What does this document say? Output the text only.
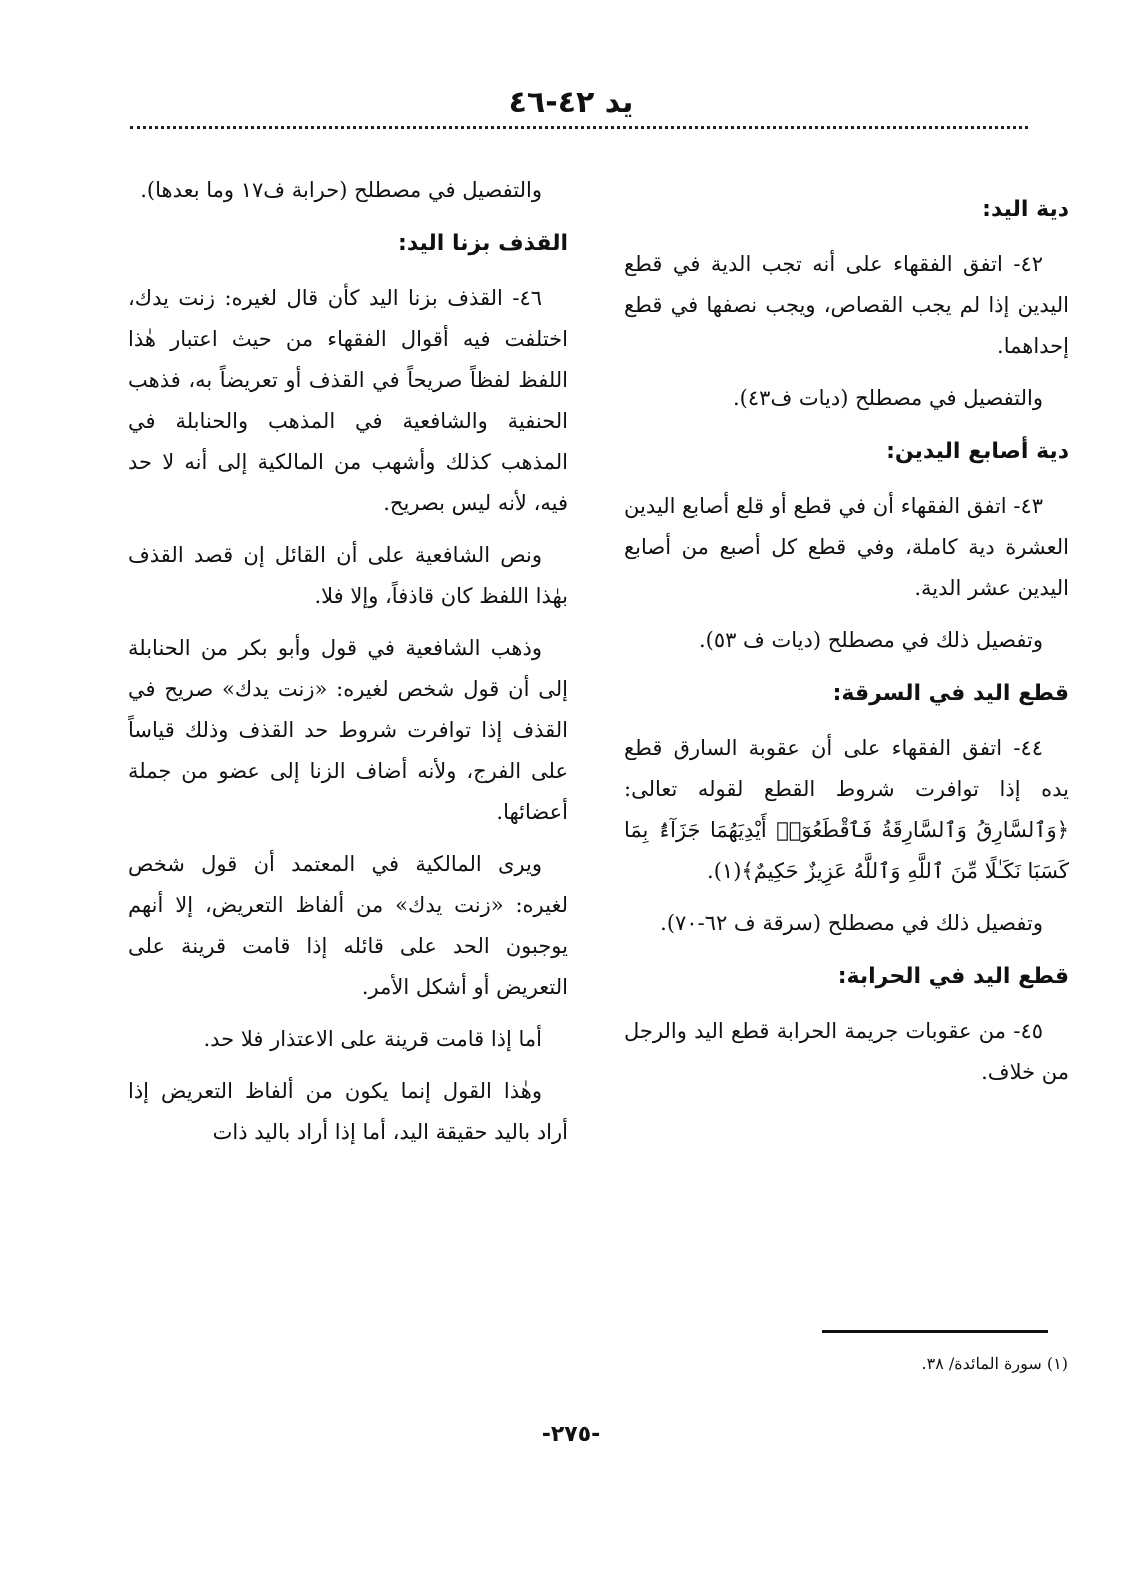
يد ٤٢-٤٦
دية اليد:

٤٢- اتفق الفقهاء على أنه تجب الدية في قطع اليدين إذا لم يجب القصاص، ويجب نصفها في قطع إحداهما.

والتفصيل في مصطلح (ديات ف٤٣).

دية أصابع اليدين:

٤٣- اتفق الفقهاء أن في قطع أو قلع أصابع اليدين العشرة دية كاملة، وفي قطع كل أصبع من أصابع اليدين عشر الدية.

وتفصيل ذلك في مصطلح (ديات ف ٥٣).

قطع اليد في السرقة:

٤٤- اتفق الفقهاء على أن عقوبة السارق قطع يده إذا توافرت شروط القطع لقوله تعالى: ﴿وَٱلسَّارِقُ وَٱلسَّارِقَةُ فَٱقْطَعُوٓا۟ أَيْدِيَهُمَا جَزَآءًۢ بِمَا كَسَبَا نَكَـٰلًا مِّنَ ٱللَّهِ وَٱللَّهُ عَزِيزٌ حَكِيمٌ﴾(١).

وتفصيل ذلك في مصطلح (سرقة ف ٦٢-٧٠).

قطع اليد في الحرابة:

٤٥- من عقوبات جريمة الحرابة قطع اليد والرجل من خلاف.

والتفصيل في مصطلح (حرابة ف١٧ وما بعدها).

القذف بزنا اليد:

٤٦- القذف بزنا اليد كأن قال لغيره: زنت يدك، اختلفت فيه أقوال الفقهاء من حيث اعتبار هٰذا اللفظ لفظاً صريحاً في القذف أو تعريضاً به، فذهب الحنفية والشافعية في المذهب والحنابلة في المذهب كذلك وأشهب من المالكية إلى أنه لا حد فيه، لأنه ليس بصريح.

ونص الشافعية على أن القائل إن قصد القذف بهٰذا اللفظ كان قاذفاً، وإلا فلا.

وذهب الشافعية في قول وأبو بكر من الحنابلة إلى أن قول شخص لغيره: «زنت يدك» صريح في القذف إذا توافرت شروط حد القذف وذلك قياساً على الفرج، ولأنه أضاف الزنا إلى عضو من جملة أعضائها.

ويرى المالكية في المعتمد أن قول شخص لغيره: «زنت يدك» من ألفاظ التعريض، إلا أنهم يوجبون الحد على قائله إذا قامت قرينة على التعريض أو أشكل الأمر.

أما إذا قامت قرينة على الاعتذار فلا حد.

وهٰذا القول إنما يكون من ألفاظ التعريض إذا أراد باليد حقيقة اليد، أما إذا أراد باليد ذات

(١) سورة المائدة/ ٣٨.
-٢٧٥-
